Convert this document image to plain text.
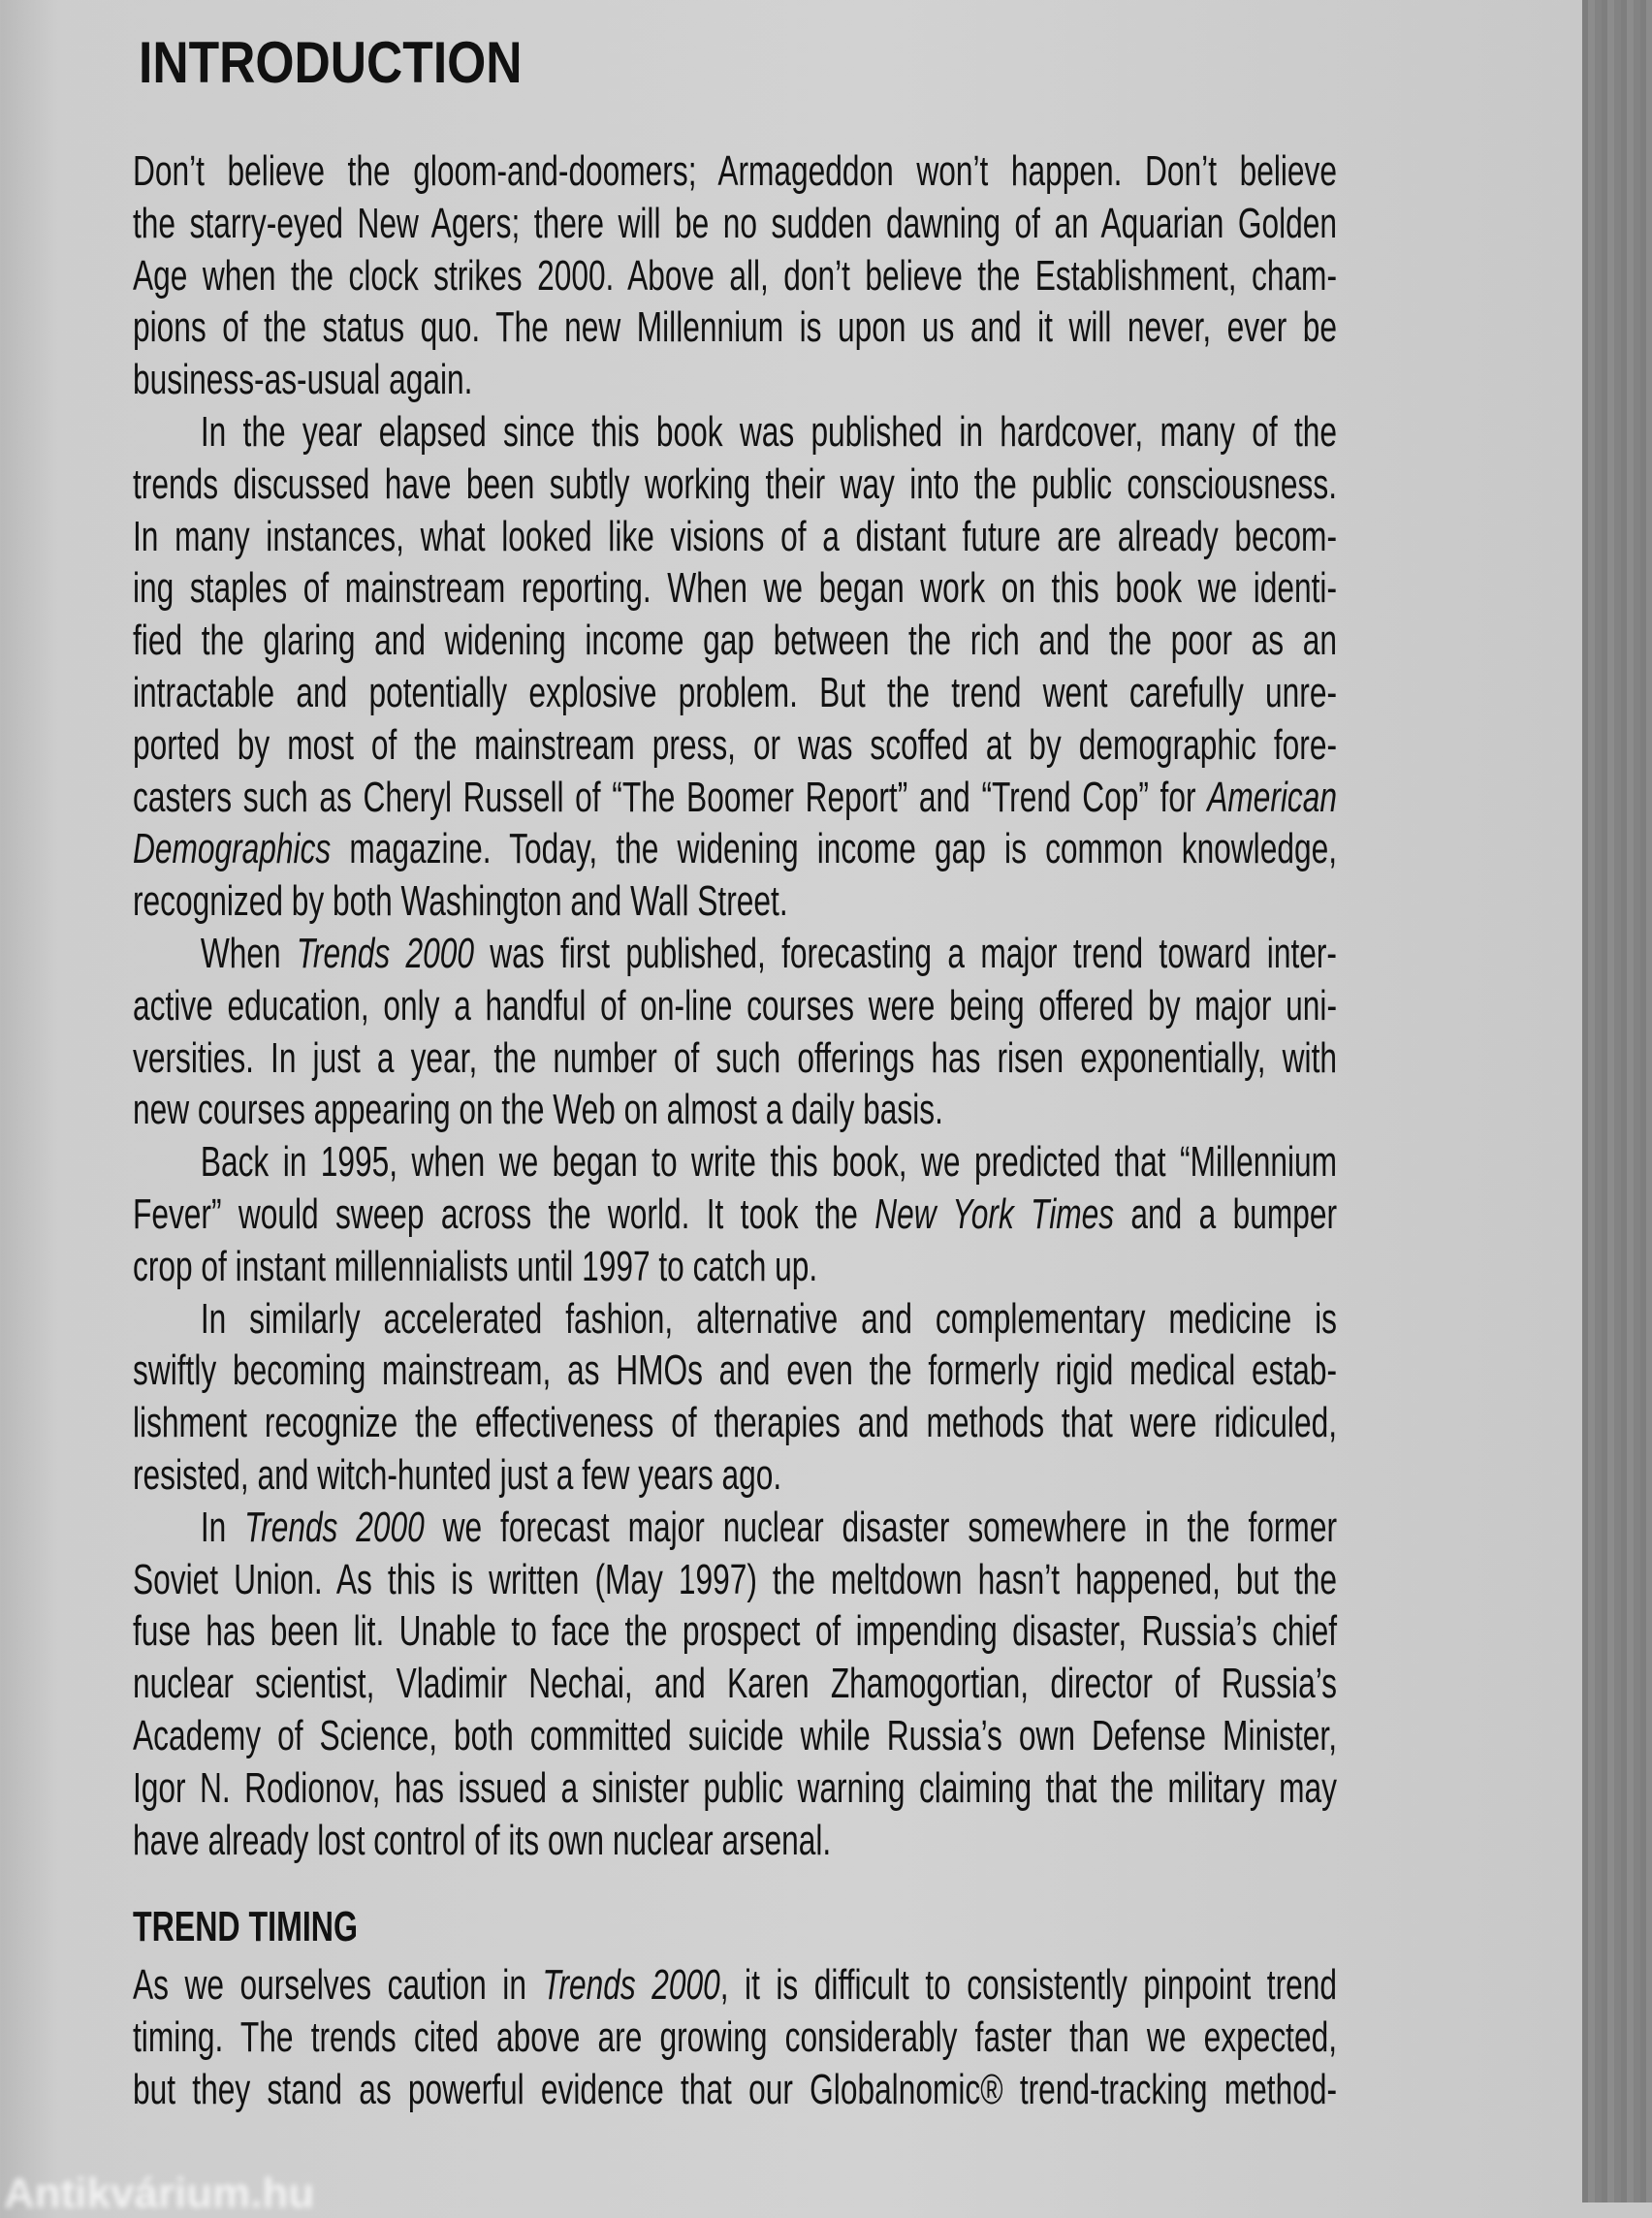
INTRODUCTION
Don’t believe the gloom-and-doomers; Armageddon won’t happen. Don’t believe
the starry-eyed New Agers; there will be no sudden dawning of an Aquarian Golden
Age when the clock strikes 2000. Above all, don’t believe the Establishment, cham-
pions of the status quo. The new Millennium is upon us and it will never, ever be
business-as-usual again.
In the year elapsed since this book was published in hardcover, many of the
trends discussed have been subtly working their way into the public consciousness.
In many instances, what looked like visions of a distant future are already becom-
ing staples of mainstream reporting. When we began work on this book we identi-
fied the glaring and widening income gap between the rich and the poor as an
intractable and potentially explosive problem. But the trend went carefully unre-
ported by most of the mainstream press, or was scoffed at by demographic fore-
casters such as Cheryl Russell of “The Boomer Report” and “Trend Cop” for American
Demographics magazine. Today, the widening income gap is common knowledge,
recognized by both Washington and Wall Street.
When Trends 2000 was first published, forecasting a major trend toward inter-
active education, only a handful of on-line courses were being offered by major uni-
versities. In just a year, the number of such offerings has risen exponentially, with
new courses appearing on the Web on almost a daily basis.
Back in 1995, when we began to write this book, we predicted that “Millennium
Fever” would sweep across the world. It took the New York Times and a bumper
crop of instant millennialists until 1997 to catch up.
In similarly accelerated fashion, alternative and complementary medicine is
swiftly becoming mainstream, as HMOs and even the formerly rigid medical estab-
lishment recognize the effectiveness of therapies and methods that were ridiculed,
resisted, and witch-hunted just a few years ago.
In Trends 2000 we forecast major nuclear disaster somewhere in the former
Soviet Union. As this is written (May 1997) the meltdown hasn’t happened, but the
fuse has been lit. Unable to face the prospect of impending disaster, Russia’s chief
nuclear scientist, Vladimir Nechai, and Karen Zhamogortian, director of Russia’s
Academy of Science, both committed suicide while Russia’s own Defense Minister,
Igor N. Rodionov, has issued a sinister public warning claiming that the military may
have already lost control of its own nuclear arsenal.
TREND TIMING
As we ourselves caution in Trends 2000, it is difficult to consistently pinpoint trend
timing. The trends cited above are growing considerably faster than we expected,
but they stand as powerful evidence that our Globalnomic® trend-tracking method-
Antikvárium.hu
